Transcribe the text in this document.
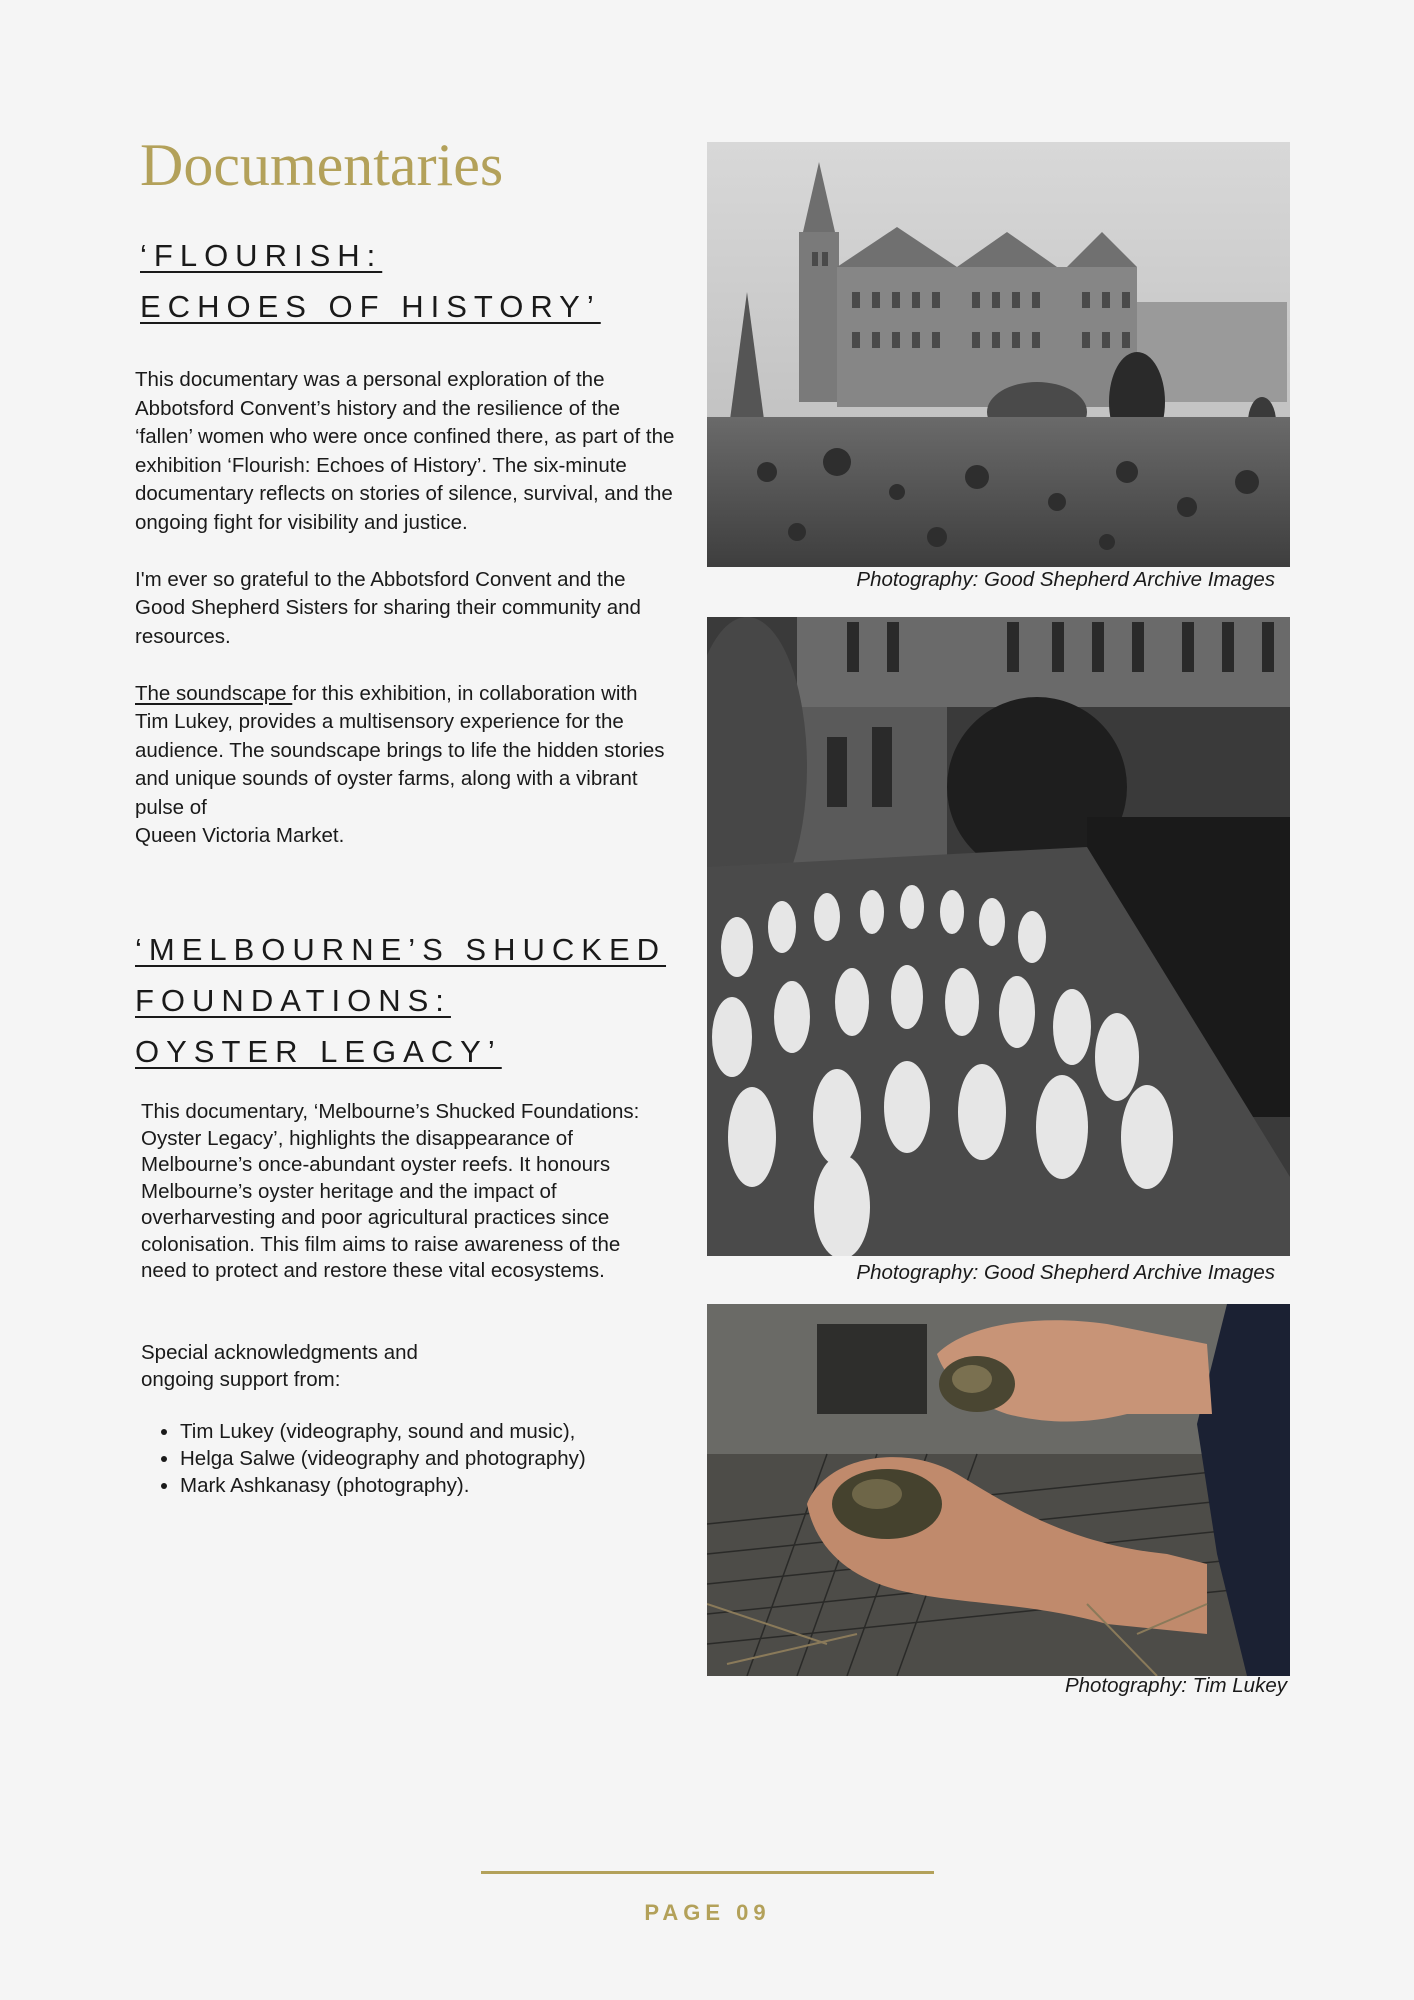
Documentaries
‘FLOURISH:
ECHOES OF HISTORY’

This documentary was a personal exploration of the Abbotsford Convent’s history and the resilience of the ‘fallen’ women who were once confined there, as part of the exhibition ‘Flourish: Echoes of History’. The six-minute documentary reflects on stories of silence, survival, and the ongoing fight for visibility and justice.

I'm ever so grateful to the Abbotsford Convent and the Good Shepherd Sisters for sharing their community and resources.

The soundscape for this exhibition, in collaboration with Tim Lukey, provides a multisensory experience for the audience. The soundscape brings to life the hidden stories and unique sounds of oyster farms, along with a vibrant pulse of
Queen Victoria Market.

‘MELBOURNE’S SHUCKED
FOUNDATIONS:
OYSTER LEGACY’

This documentary, ‘Melbourne’s Shucked Foundations: Oyster Legacy’, highlights the disappearance of Melbourne’s once-abundant oyster reefs. It honours Melbourne’s oyster heritage and the impact of overharvesting and poor agricultural practices since colonisation. This film aims to raise awareness of the need to protect and restore these vital ecosystems.

Special acknowledgments and
ongoing support from:

• Tim Lukey (videography, sound and music),
• Helga Salwe (videography and photography)
• Mark Ashkanasy (photography).
Photography: Good Shepherd Archive Images
Photography: Good Shepherd Archive Images
Photography: Tim Lukey
PAGE 09
